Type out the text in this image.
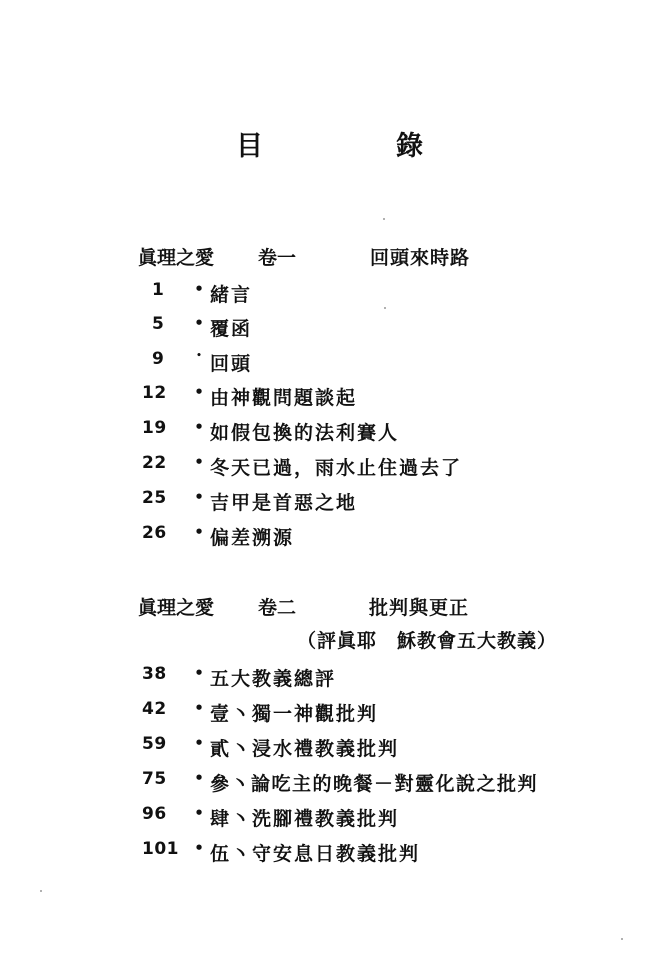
目	錄
眞理之愛 卷一	回頭來時路
1	• 緒言
5	• 覆函
9	• 回頭
12	• 由神觀問題談起
19	• 如假包換的法利賽人
22	• 冬天已過，雨水止住過去了
25	• 吉甲是首惡之地
26	• 偏差溯源
眞理之愛 卷二	批判與更正
（評眞耶　穌教會五大教義）
38	• 五大教義總評
42	• 壹丶獨一神觀批判
59	• 貳丶浸水禮教義批判
75	• 參丶論吃主的晚餐－對靈化說之批判
96	• 肆丶洗腳禮教義批判
101	• 伍丶守安息日教義批判
